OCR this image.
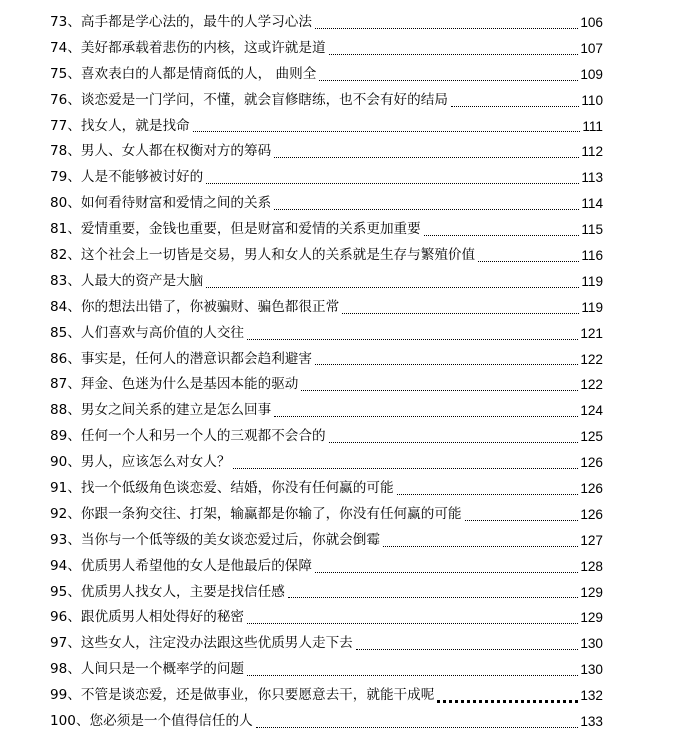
73 、 高手都是学心法的，最牛的人学习心法	106
74 、 美好都承载着悲伤的内核，这或许就是道	107
75 、 喜欢表白的人都是情商低的人， 曲则全	109
76 、 谈恋爱是一门学问，不懂，就会盲修瞎练，也不会有好的结局	110
77 、 找女人，就是找命	111
78 、 男人、女人都在权衡对方的筹码	112
79 、 人是不能够被讨好的	113
80 、 如何看待财富和爱情之间的关系	114
81 、 爱情重要，金钱也重要，但是财富和爱情的关系更加重要	115
82 、 这个社会上一切皆是交易，男人和女人的关系就是生存与繁殖价值	116
83 、 人最大的资产是大脑	119
84 、 你的想法出错了，你被骗财、骗色都很正常	119
85 、 人们喜欢与高价值的人交往	121
86 、 事实是，任何人的潜意识都会趋利避害	122
87 、 拜金、色迷为什么是基因本能的驱动	122
88 、 男女之间关系的建立是怎么回事	124
89 、 任何一个人和另一个人的三观都不会合的	125
90 、 男人，应该怎么对女人？	126
91 、 找一个低级角色谈恋爱、结婚，你没有任何赢的可能	126
92 、 你跟一条狗交往、打架，输赢都是你输了，你没有任何赢的可能	126
93 、 当你与一个低等级的美女谈恋爱过后，你就会倒霉	127
94 、 优质男人希望他的女人是他最后的保障	128
95 、 优质男人找女人，主要是找信任感	129
96 、 跟优质男人相处得好的秘密	129
97 、 这些女人，注定没办法跟这些优质男人走下去	130
98 、 人间只是一个概率学的问题	130
99 、 不管是谈恋爱，还是做事业，你只要愿意去干，就能干成呢	132
100 、 您必须是一个值得信任的人	133
